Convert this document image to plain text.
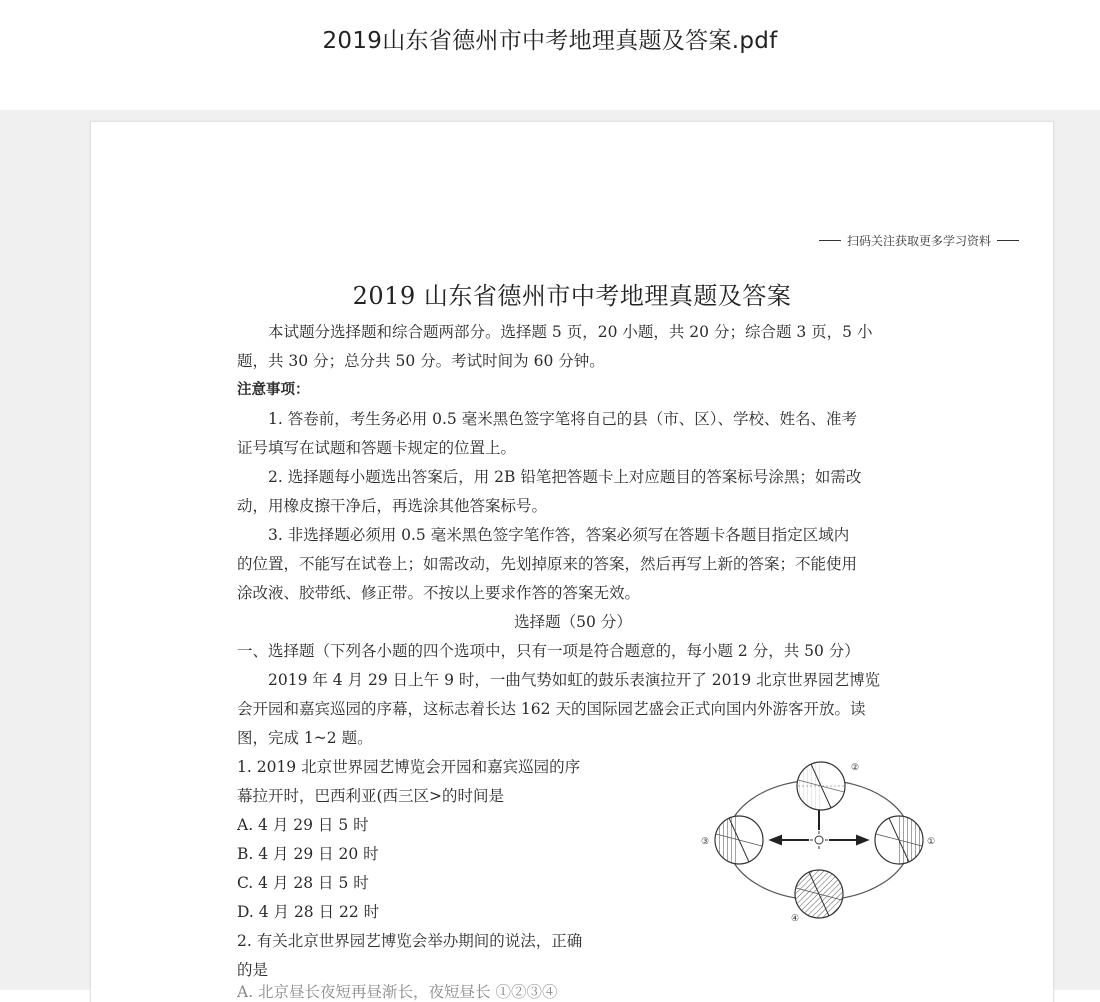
2019山东省德州市中考地理真题及答案.pdf
扫码关注获取更多学习资料
2019 山东省德州市中考地理真题及答案

本试题分选择题和综合题两部分。选择题 5 页，20 小题，共 20 分；综合题 3 页，5 小

题，共 30 分；总分共 50 分。考试时间为 60 分钟。

注意事项：

1. 答卷前，考生务必用 0.5 毫米黑色签字笔将自己的县（市、区）、学校、姓名、准考

证号填写在试题和答题卡规定的位置上。

2. 选择题每小题选出答案后，用 2B 铅笔把答题卡上对应题目的答案标号涂黑；如需改

动，用橡皮擦干净后，再选涂其他答案标号。

3. 非选择题必须用 0.5 毫米黑色签字笔作答，答案必须写在答题卡各题目指定区域内

的位置，不能写在试卷上；如需改动，先划掉原来的答案，然后再写上新的答案；不能使用

涂改液、胶带纸、修正带。不按以上要求作答的答案无效。

选择题（50 分）

一、选择题（下列各小题的四个选项中，只有一项是符合题意的，每小题 2 分，共 50 分）

2019 年 4 月 29 日上午 9 时，一曲气势如虹的鼓乐表演拉开了 2019 北京世界园艺博览

会开园和嘉宾巡园的序幕，这标志着长达 162 天的国际园艺盛会正式向国内外游客开放。读

图，完成 1~2 题。

1. 2019 北京世界园艺博览会开园和嘉宾巡园的序

幕拉开时，巴西利亚(西三区>的时间是

A. 4 月 29 日 5 时

B. 4 月 29 日 20 时

C. 4 月 28 日 5 时

D. 4 月 28 日 22 时

2. 有关北京世界园艺博览会举办期间的说法，正确

的是

A. 北京昼长夜短再昼渐长，夜短昼长 ①②③④
②
③	①
④
